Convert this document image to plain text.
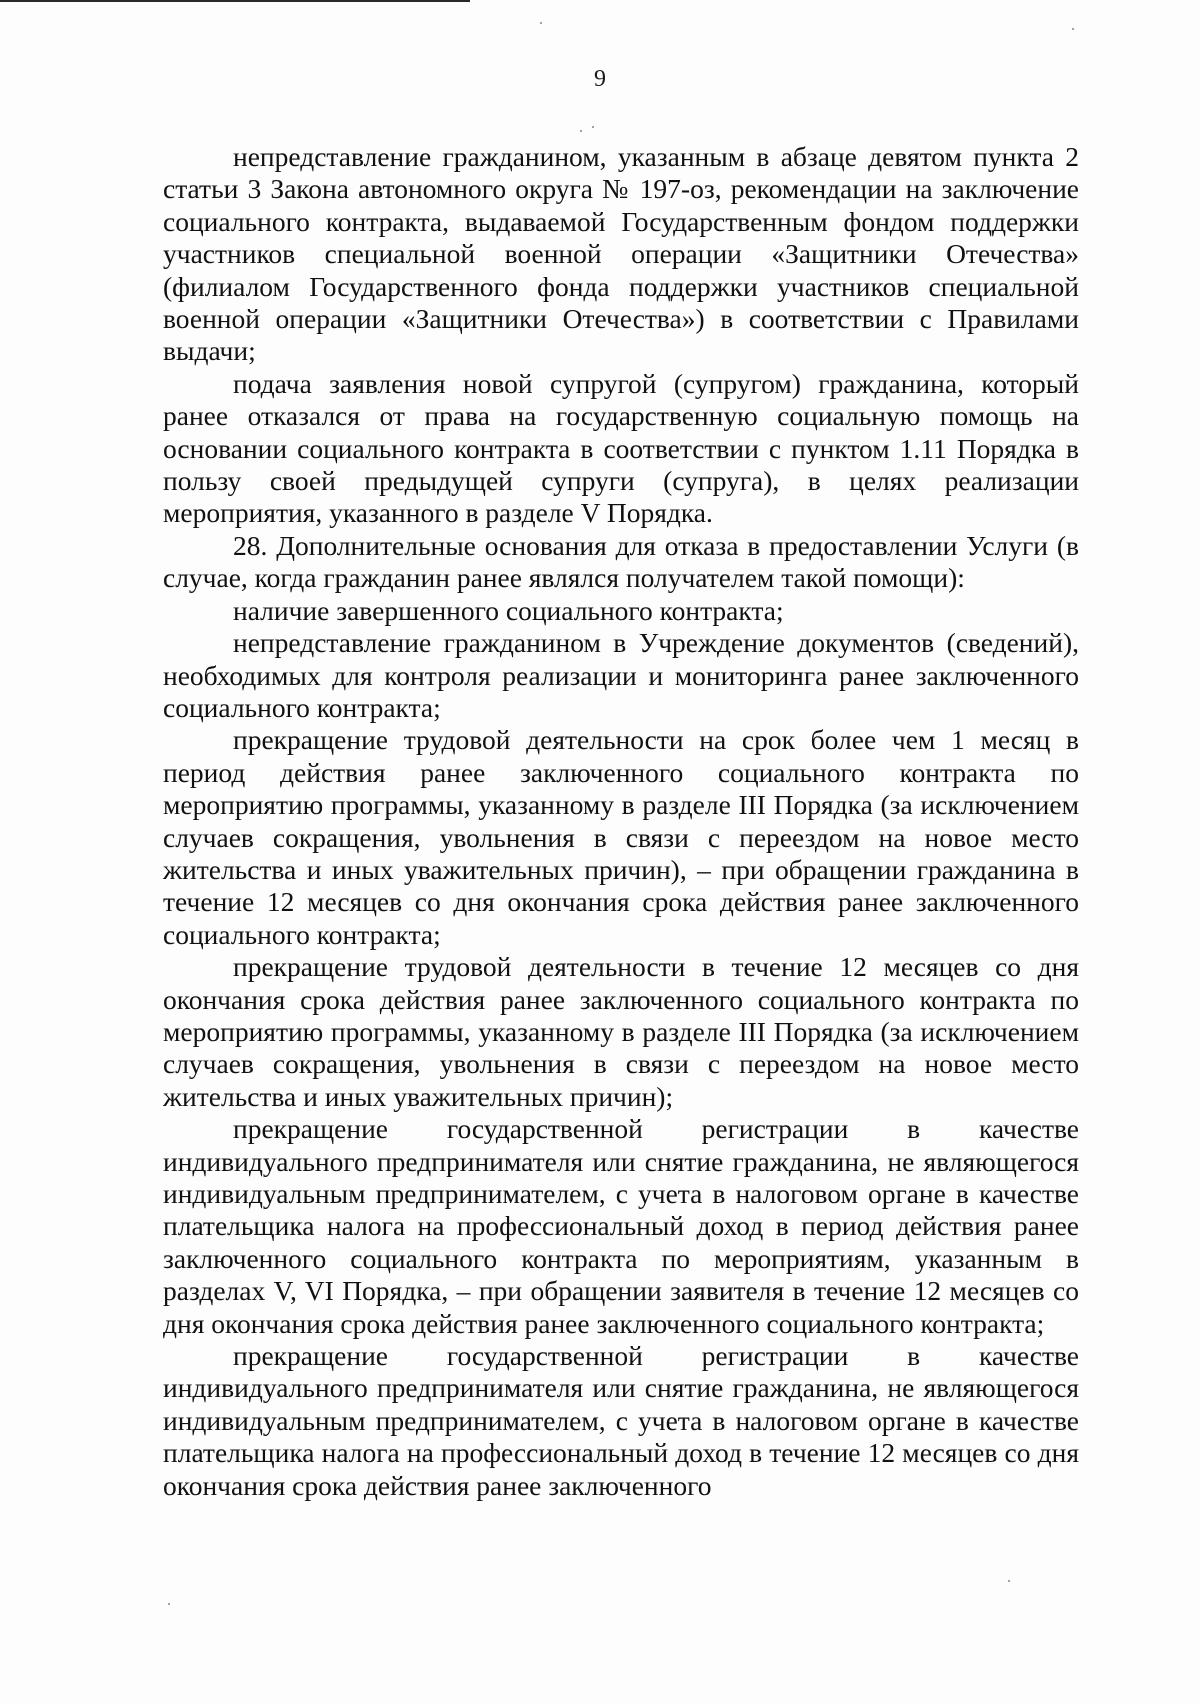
9

непредставление гражданином, указанным в абзаце девятом пункта 2 статьи 3 Закона автономного округа № 197-оз, рекомендации на заключение социального контракта, выдаваемой Государственным фондом поддержки участников специальной военной операции «Защитники Отечества» (филиалом Государственного фонда поддержки участников специальной военной операции «Защитники Отечества») в соответствии с Правилами выдачи;

подача заявления новой супругой (супругом) гражданина, который ранее отказался от права на государственную социальную помощь на основании социального контракта в соответствии с пунктом 1.11 Порядка в пользу своей предыдущей супруги (супруга), в целях реализации мероприятия, указанного в разделе V Порядка.

28. Дополнительные основания для отказа в предоставлении Услуги (в случае, когда гражданин ранее являлся получателем такой помощи):

наличие завершенного социального контракта;

непредставление гражданином в Учреждение документов (сведений), необходимых для контроля реализации и мониторинга ранее заключенного социального контракта;

прекращение трудовой деятельности на срок более чем 1 месяц в период действия ранее заключенного социального контракта по мероприятию программы, указанному в разделе III Порядка (за исключением случаев сокращения, увольнения в связи с переездом на новое место жительства и иных уважительных причин), – при обращении гражданина в течение 12 месяцев со дня окончания срока действия ранее заключенного социального контракта;

прекращение трудовой деятельности в течение 12 месяцев со дня окончания срока действия ранее заключенного социального контракта по мероприятию программы, указанному в разделе III Порядка (за исключением случаев сокращения, увольнения в связи с переездом на новое место жительства и иных уважительных причин);

прекращение государственной регистрации в качестве индивидуального предпринимателя или снятие гражданина, не являющегося индивидуальным предпринимателем, с учета в налоговом органе в качестве плательщика налога на профессиональный доход в период действия ранее заключенного социального контракта по мероприятиям, указанным в разделах V, VI Порядка, – при обращении заявителя в течение 12 месяцев со дня окончания срока действия ранее заключенного социального контракта;

прекращение государственной регистрации в качестве индивидуального предпринимателя или снятие гражданина, не являющегося индивидуальным предпринимателем, с учета в налоговом органе в качестве плательщика налога на профессиональный доход в течение 12 месяцев со дня окончания срока действия ранее заключенного
